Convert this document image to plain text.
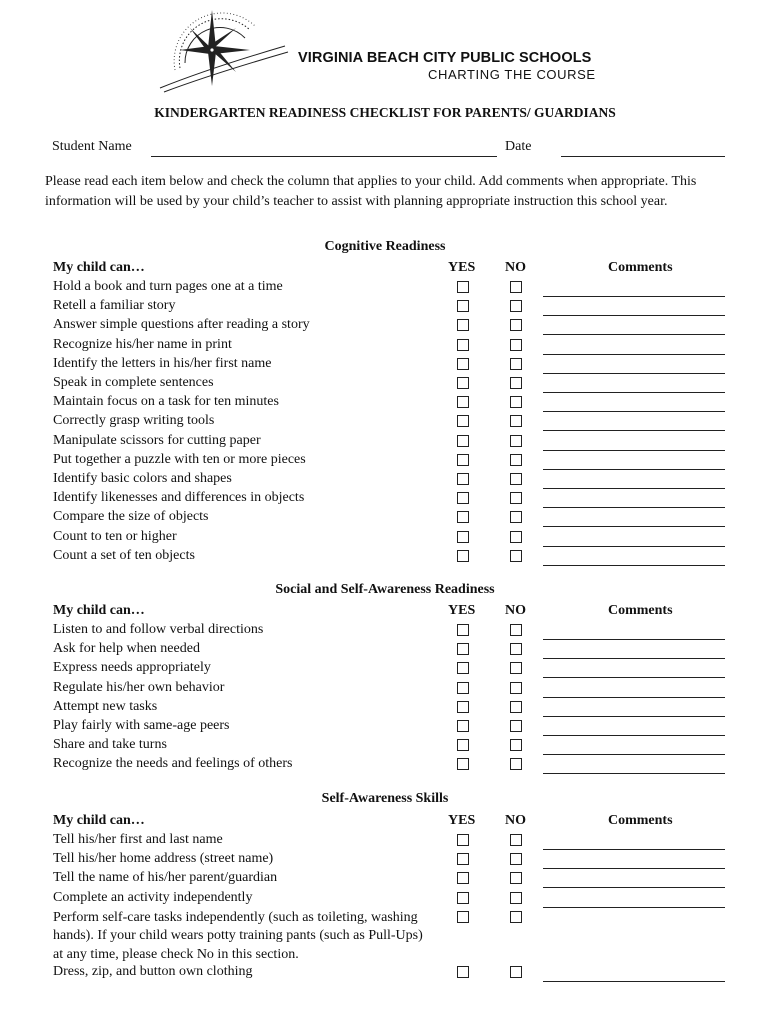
VIRGINIA BEACH CITY PUBLIC SCHOOLS
CHARTING THE COURSE
KINDERGARTEN READINESS CHECKLIST FOR PARENTS/ GUARDIANS
Student Name	Date
Please read each item below and check the column that applies to your child. Add comments when appropriate. This information will be used by your child’s teacher to assist with planning appropriate instruction this school year.
Cognitive Readiness
My child can…	YES NO	Comments
Hold a book and turn pages one at a time
Retell a familiar story
Answer simple questions after reading a story
Recognize his/her name in print
Identify the letters in his/her first name
Speak in complete sentences
Maintain focus on a task for ten minutes
Correctly grasp writing tools
Manipulate scissors for cutting paper
Put together a puzzle with ten or more pieces
Identify basic colors and shapes
Identify likenesses and differences in objects
Compare the size of objects
Count to ten or higher
Count a set of ten objects
Social and Self-Awareness Readiness
My child can…	YES NO	Comments
Listen to and follow verbal directions
Ask for help when needed
Express needs appropriately
Regulate his/her own behavior
Attempt new tasks
Play fairly with same-age peers
Share and take turns
Recognize the needs and feelings of others
Self-Awareness Skills
My child can…	YES NO	Comments
Tell his/her first and last name
Tell his/her home address (street name)
Tell the name of his/her parent/guardian
Complete an activity independently
Perform self-care tasks independently (such as toileting, washing hands). If your child wears potty training pants (such as Pull-Ups) at any time, please check No in this section.
Dress, zip, and button own clothing
